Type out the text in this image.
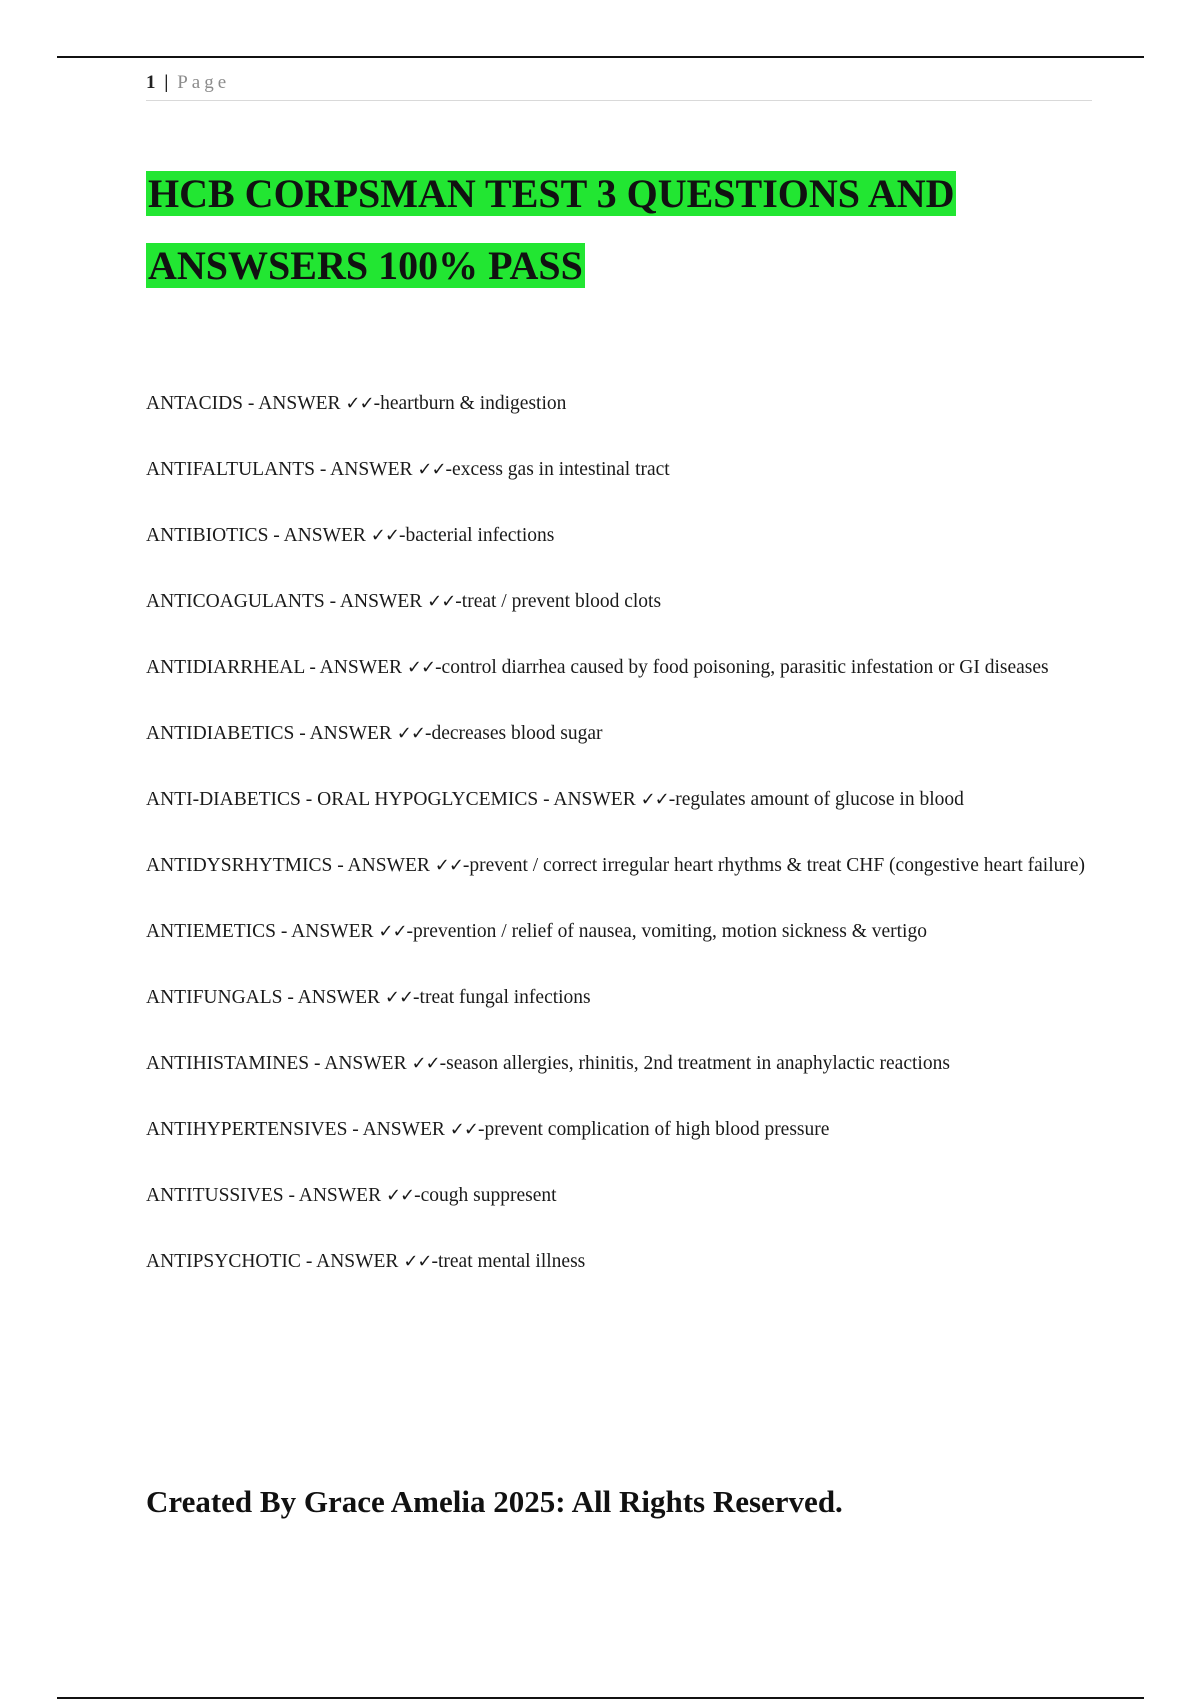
1 | Page
HCB CORPSMAN TEST 3 QUESTIONS AND
ANSWSERS 100% PASS
ANTACIDS - ANSWER ✓✓-heartburn & indigestion
ANTIFALTULANTS - ANSWER ✓✓-excess gas in intestinal tract
ANTIBIOTICS - ANSWER ✓✓-bacterial infections
ANTICOAGULANTS - ANSWER ✓✓-treat / prevent blood clots
ANTIDIARRHEAL - ANSWER ✓✓-control diarrhea caused by food poisoning, parasitic infestation or GI diseases
ANTIDIABETICS - ANSWER ✓✓-decreases blood sugar
ANTI-DIABETICS - ORAL HYPOGLYCEMICS - ANSWER ✓✓-regulates amount of glucose in blood
ANTIDYSRHYTMICS - ANSWER ✓✓-prevent / correct irregular heart rhythms & treat CHF (congestive heart failure)
ANTIEMETICS - ANSWER ✓✓-prevention / relief of nausea, vomiting, motion sickness & vertigo
ANTIFUNGALS - ANSWER ✓✓-treat fungal infections
ANTIHISTAMINES - ANSWER ✓✓-season allergies, rhinitis, 2nd treatment in anaphylactic reactions
ANTIHYPERTENSIVES - ANSWER ✓✓-prevent complication of high blood pressure
ANTITUSSIVES - ANSWER ✓✓-cough suppresent
ANTIPSYCHOTIC - ANSWER ✓✓-treat mental illness

Created By Grace Amelia 2025: All Rights Reserved.
